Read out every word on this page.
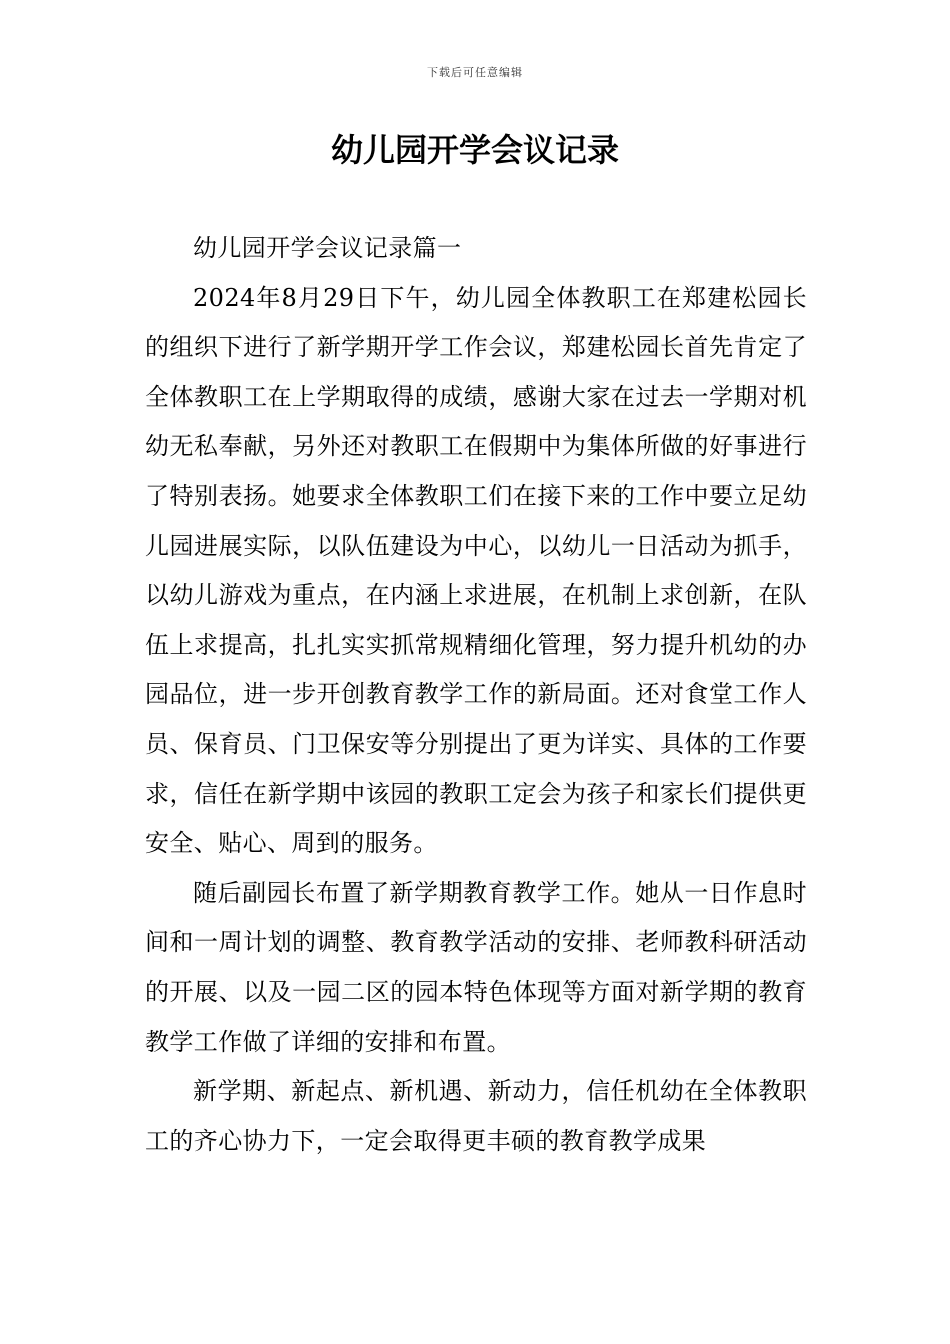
下载后可任意编辑
幼儿园开学会议记录

幼儿园开学会议记录篇一

2024年8月29日下午，幼儿园全体教职工在郑建松园长的组织下进行了新学期开学工作会议，郑建松园长首先肯定了全体教职工在上学期取得的成绩，感谢大家在过去一学期对机幼无私奉献，另外还对教职工在假期中为集体所做的好事进行了特别表扬。她要求全体教职工们在接下来的工作中要立足幼儿园进展实际，以队伍建设为中心，以幼儿一日活动为抓手，以幼儿游戏为重点，在内涵上求进展，在机制上求创新，在队伍上求提高，扎扎实实抓常规精细化管理，努力提升机幼的办园品位，进一步开创教育教学工作的新局面。还对食堂工作人员、保育员、门卫保安等分别提出了更为详实、具体的工作要求，信任在新学期中该园的教职工定会为孩子和家长们提供更安全、贴心、周到的服务。

随后副园长布置了新学期教育教学工作。她从一日作息时间和一周计划的调整、教育教学活动的安排、老师教科研活动的开展、以及一园二区的园本特色体现等方面对新学期的教育教学工作做了详细的安排和布置。

新学期、新起点、新机遇、新动力，信任机幼在全体教职工的齐心协力下，一定会取得更丰硕的教育教学成果
